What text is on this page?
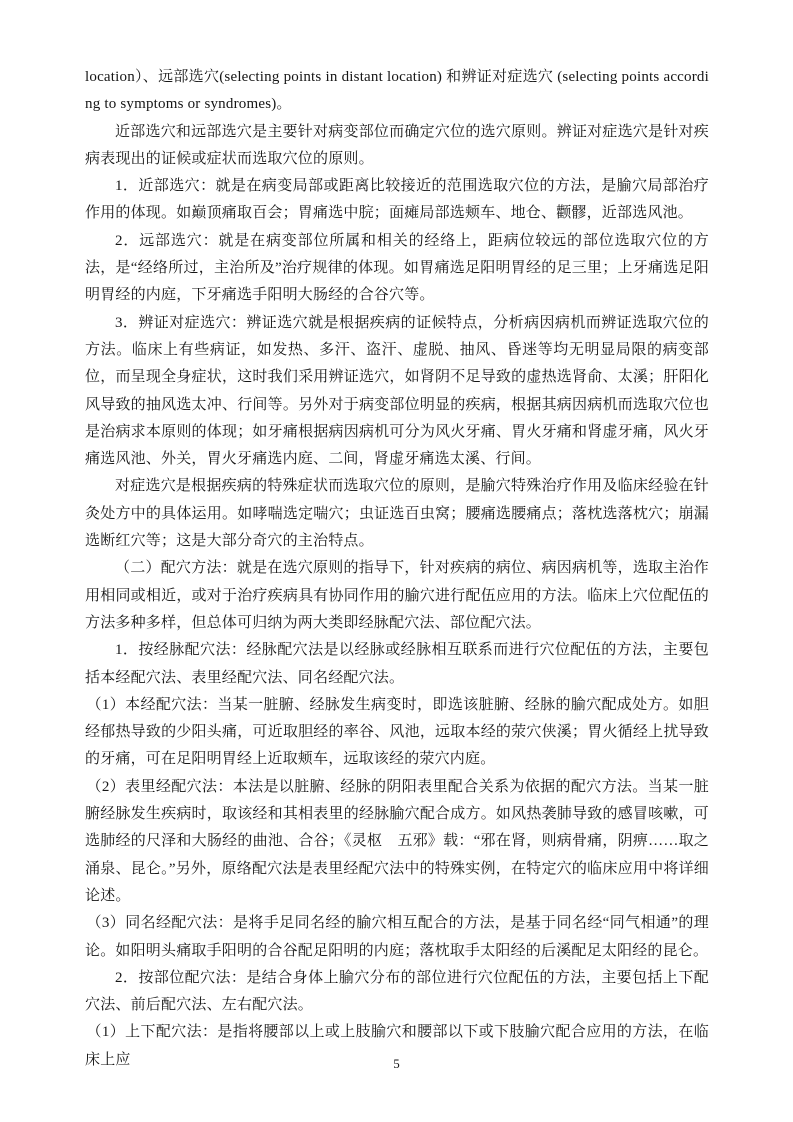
location）、远部选穴(selecting points in distant location) 和辨证对症选穴 (selecting points according to symptoms or syndromes)。

近部选穴和远部选穴是主要针对病变部位而确定穴位的选穴原则。辨证对症选穴是针对疾病表现出的证候或症状而选取穴位的原则。

1．近部选穴：就是在病变局部或距离比较接近的范围选取穴位的方法，是腧穴局部治疗作用的体现。如巅顶痛取百会；胃痛选中脘；面瘫局部选颊车、地仓、颧髎，近部选风池。

2．远部选穴：就是在病变部位所属和相关的经络上，距病位较远的部位选取穴位的方法，是“经络所过，主治所及”治疗规律的体现。如胃痛选足阳明胃经的足三里；上牙痛选足阳明胃经的内庭，下牙痛选手阳明大肠经的合谷穴等。

3．辨证对症选穴：辨证选穴就是根据疾病的证候特点，分析病因病机而辨证选取穴位的方法。临床上有些病证，如发热、多汗、盗汗、虚脱、抽风、昏迷等均无明显局限的病变部位，而呈现全身症状，这时我们采用辨证选穴，如肾阴不足导致的虚热选肾俞、太溪；肝阳化风导致的抽风选太冲、行间等。另外对于病变部位明显的疾病，根据其病因病机而选取穴位也是治病求本原则的体现；如牙痛根据病因病机可分为风火牙痛、胃火牙痛和肾虚牙痛，风火牙痛选风池、外关，胃火牙痛选内庭、二间，肾虚牙痛选太溪、行间。

对症选穴是根据疾病的特殊症状而选取穴位的原则，是腧穴特殊治疗作用及临床经验在针灸处方中的具体运用。如哮喘选定喘穴；虫证选百虫窝；腰痛选腰痛点；落枕选落枕穴；崩漏选断红穴等；这是大部分奇穴的主治特点。

（二）配穴方法：就是在选穴原则的指导下，针对疾病的病位、病因病机等，选取主治作用相同或相近，或对于治疗疾病具有协同作用的腧穴进行配伍应用的方法。临床上穴位配伍的方法多种多样，但总体可归纳为两大类即经脉配穴法、部位配穴法。

1．按经脉配穴法：经脉配穴法是以经脉或经脉相互联系而进行穴位配伍的方法，主要包括本经配穴法、表里经配穴法、同名经配穴法。

（1）本经配穴法：当某一脏腑、经脉发生病变时，即选该脏腑、经脉的腧穴配成处方。如胆经郁热导致的少阳头痛，可近取胆经的率谷、风池，远取本经的荥穴侠溪；胃火循经上扰导致的牙痛，可在足阳明胃经上近取颊车，远取该经的荥穴内庭。

（2）表里经配穴法：本法是以脏腑、经脉的阴阳表里配合关系为依据的配穴方法。当某一脏腑经脉发生疾病时，取该经和其相表里的经脉腧穴配合成方。如风热袭肺导致的感冒咳嗽，可选肺经的尺泽和大肠经的曲池、合谷；《灵枢　五邪》载：“邪在肾，则病骨痛，阴痹……取之涌泉、昆仑。”另外，原络配穴法是表里经配穴法中的特殊实例，在特定穴的临床应用中将详细论述。

（3）同名经配穴法：是将手足同名经的腧穴相互配合的方法，是基于同名经“同气相通”的理论。如阳明头痛取手阳明的合谷配足阳明的内庭；落枕取手太阳经的后溪配足太阳经的昆仑。

2．按部位配穴法：是结合身体上腧穴分布的部位进行穴位配伍的方法，主要包括上下配穴法、前后配穴法、左右配穴法。

（1）上下配穴法：是指将腰部以上或上肢腧穴和腰部以下或下肢腧穴配合应用的方法，在临床上应	5
